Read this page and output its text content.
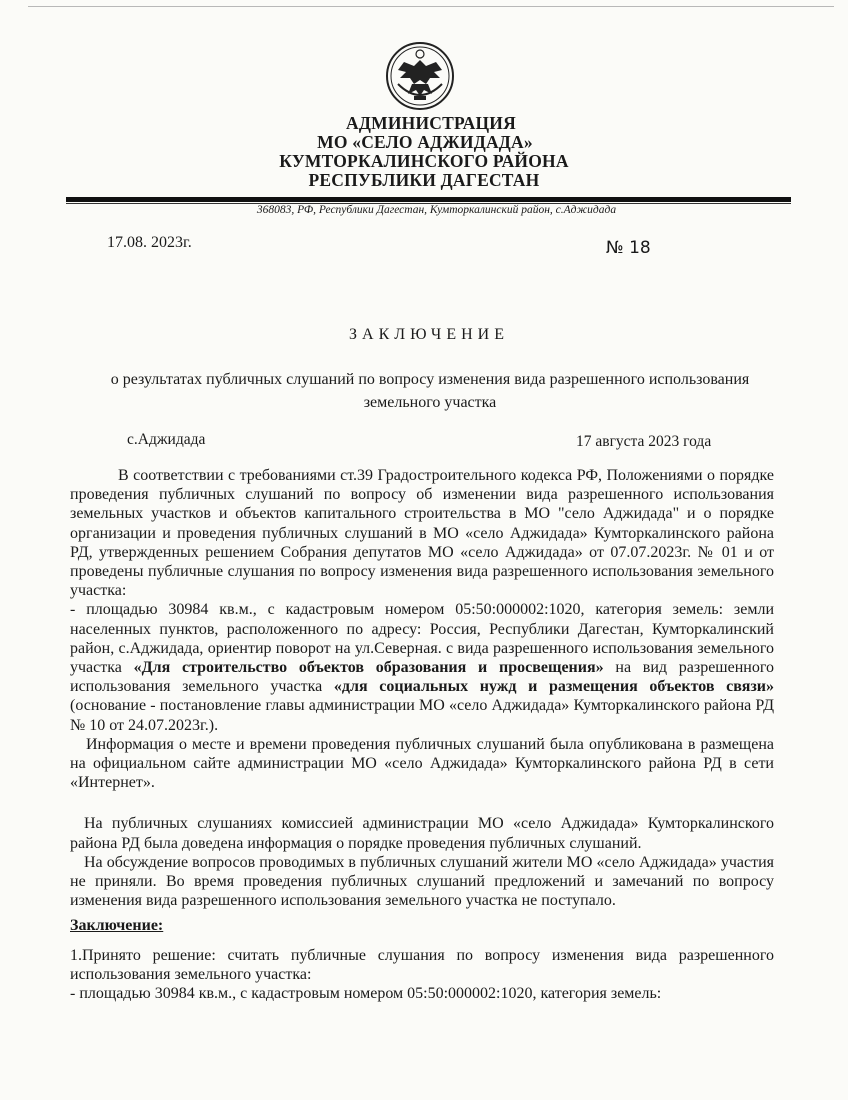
АДМИНИСТРАЦИЯ
МО «СЕЛО АДЖИДАДА»
КУМТОРКАЛИНСКОГО РАЙОНА
РЕСПУБЛИКИ ДАГЕСТАН
368083, РФ, Республики Дагестан, Кумторкалинский район, с.Аджидада
17.08. 2023г.	№ 18
ЗАКЛЮЧЕНИЕ
о результатах публичных слушаний по вопросу изменения вида разрешенного использования земельного участка
с.Аджидада	17 августа 2023 года

В соответствии с требованиями ст.39 Градостроительного кодекса РФ, Положениями о порядке проведения публичных слушаний по вопросу об изменении вида разрешенного использования земельных участков и объектов капитального строительства в МО "село Аджидада" и о порядке организации и проведения публичных слушаний в МО «село Аджидада» Кумторкалинского района РД, утвержденных решением Собрания депутатов МО «село Аджидада» от 07.07.2023г. № 01 и от проведены публичные слушания по вопросу изменения вида разрешенного использования земельного участка:

- площадью 30984 кв.м., с кадастровым номером 05:50:000002:1020, категория земель: земли населенных пунктов, расположенного по адресу: Россия, Республики Дагестан, Кумторкалинский район, с.Аджидада, ориентир поворот на ул.Северная. с вида разрешенного использования земельного участка «Для строительство объектов образования и просвещения» на вид разрешенного использования земельного участка «для социальных нужд и размещения объектов связи» (основание - постановление главы администрации МО «село Аджидада» Кумторкалинского района РД № 10 от 24.07.2023г.).

Информация о месте и времени проведения публичных слушаний была опубликована в размещена на официальном сайте администрации МО «село Аджидада» Кумторкалинского района РД в сети «Интернет».

На публичных слушаниях комиссией администрации МО «село Аджидада» Кумторкалинского района РД была доведена информация о порядке проведения публичных слушаний.

На обсуждение вопросов проводимых в публичных слушаний жители МО «село Аджидада» участия не приняли. Во время проведения публичных слушаний предложений и замечаний по вопросу изменения вида разрешенного использования земельного участка не поступало.

Заключение:

1.Принято решение: считать публичные слушания по вопросу изменения вида разрешенного использования земельного участка:

- площадью 30984 кв.м., с кадастровым номером 05:50:000002:1020, категория земель:
